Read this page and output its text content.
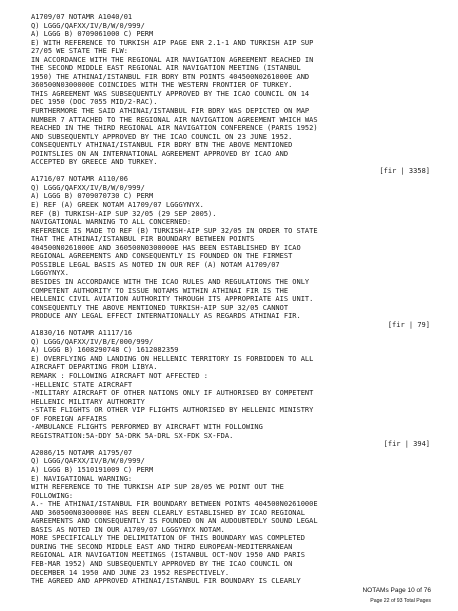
A1709/07 NOTAMR A1040/01
Q) LGGG/QAFXX/IV/B/W/0/999/
A) LGGG B) 0709061000 C) PERM
E) WITH REFERENCE TO TURKISH AIP PAGE ENR 2.1-1 AND TURKISH AIP SUP
27/05 WE STATE THE FLW:
IN ACCORDANCE WITH THE REGIONAL AIR NAVIGATION AGREEMENT REACHED IN
THE SECOND MIDDLE EAST REGIONAL AIR NAVIGATION MEETING (ISTANBUL
1950) THE ATHINAI/ISTANBUL FIR BDRY BTN POINTS 404500N0261000E AND
360500N0300000E COINCIDES WITH THE WESTERN FRONTIER OF TURKEY.
THIS AGREEMENT WAS SUBSEQUENTLY APPROVED BY THE ICAO COUNCIL ON 14
DEC 1950 (DOC 7055 MID/2-RAC).
FURTHERMORE THE SAID ATHINAI/ISTANBUL FIR BDRY WAS DEPICTED ON MAP
NUMBER 7 ATTACHED TO THE REGIONAL AIR NAVIGATION AGREEMENT WHICH WAS
REACHED IN THE THIRD REGIONAL AIR NAVIGATION CONFERENCE (PARIS 1952)
AND SUBSEQUENTLY APPROVED BY THE ICAO COUNCIL ON 23 JUNE 1952.
CONSEQUENTLY ATHINAI/ISTANBUL FIR BDRY BTN THE ABOVE MENTIONED
POINTSLIES ON AN INTERNATIONAL AGREEMENT APPROVED BY ICAO AND
ACCEPTED BY GREECE AND TURKEY.
[fir | 3358]
A1716/07 NOTAMR A110/06
Q) LGGG/QAFXX/IV/B/W/0/999/
A) LGGG B) 0709070730 C) PERM
E) REF (A) GREEK NOTAM A1709/07 LGGGYNYX.
REF (B) TURKISH-AIP SUP 32/05 (29 SEP 2005).
NAVIGATIONAL WARNING TO ALL CONCERNED:
REFERENCE IS MADE TO REF (B) TURKISH-AIP SUP 32/05 IN ORDER TO STATE
THAT THE ATHINAI/ISTANBUL FIR BOUNDARY BETWEEN POINTS
404500N0261000E AND 360500N0300000E HAS BEEN ESTABLISHED BY ICAO
REGIONAL AGREEMENTS AND CONSEQUENTLY IS FOUNDED ON THE FIRMEST
POSSIBLE LEGAL BASIS AS NOTED IN OUR REF (A) NOTAM A1709/07
LGGGYNYX.
BESIDES IN ACCORDANCE WITH THE ICAO RULES AND REGULATIONS THE ONLY
COMPETENT AUTHORITY TO ISSUE NOTAMS WITHIN ATHINAI FIR IS THE
HELLENIC CIVIL AVIATION AUTHORITY THROUGH ITS APPROPRIATE AIS UNIT.
CONSEQUENTLY THE ABOVE MENTIONED TURKISH-AIP SUP 32/05 CANNOT
PRODUCE ANY LEGAL EFFECT INTERNATIONALLY AS REGARDS ATHINAI FIR.
[fir | 79]
A1830/16 NOTAMR A1117/16
Q) LGGG/QAFXX/IV/B/E/000/999/
A) LGGG B) 1608290748 C) 1612082359
E) OVERFLYING AND LANDING ON HELLENIC TERRITORY IS FORBIDDEN TO ALL
AIRCRAFT DEPARTING FROM LIBYA.
REMARK : FOLLOWING AIRCRAFT NOT AFFECTED :
-HELLENIC STATE AIRCRAFT
-MILITARY AIRCRAFT OF OTHER NATIONS ONLY IF AUTHORISED BY COMPETENT
HELLENIC MILITARY AUTHORITY
-STATE FLIGHTS OR OTHER VIP FLIGHTS AUTHORISED BY HELLENIC MINISTRY
OF FOREIGN AFFAIRS
-AMBULANCE FLIGHTS PERFORMED BY AIRCRAFT WITH FOLLOWING
REGISTRATION:5A-DDY 5A-DRK 5A-DRL SX-FDK SX-FDA.
[fir | 394]
A2086/15 NOTAMR A1795/07
Q) LGGG/QAFXX/IV/B/W/0/999/
A) LGGG B) 1510191009 C) PERM
E) NAVIGATIONAL WARNING:
WITH REFERENCE TO THE TURKISH AIP SUP 28/05 WE POINT OUT THE
FOLLOWING:
A.- THE ATHINAI/ISTANBUL FIR BOUNDARY BETWEEN POINTS 404500N0261000E
AND 360500N0300000E HAS BEEN CLEARLY ESTABLISHED BY ICAO REGIONAL
AGREEMENTS AND CONSEQUENTLY IS FOUNDED ON AN AUDOUBTEDLY SOUND LEGAL
BASIS AS NOTED IN OUR A1709/07 LGGGYNYX NOTAM.
MORE SPECIFICALLY THE DELIMITATION OF THIS BOUNDARY WAS COMPLETED
DURING THE SECOND MIDDLE EAST AND THIRD EUROPEAN-MEDITERRANEAN
REGIONAL AIR NAVIGATION MEETINGS (ISTANBUL OCT-NOV 1950 AND PARIS
FEB-MAR 1952) AND SUBSEQUENTLY APPROVED BY THE ICAO COUNCIL ON
DECEMBER 14 1950 AND JUNE 23 1952 RESPECTIVELY.
THE AGREED AND APPROVED ATHINAI/ISTANBUL FIR BOUNDARY IS CLEARLY
NOTAMs Page 10 of 76
Page 22 of 93 Total Pages
